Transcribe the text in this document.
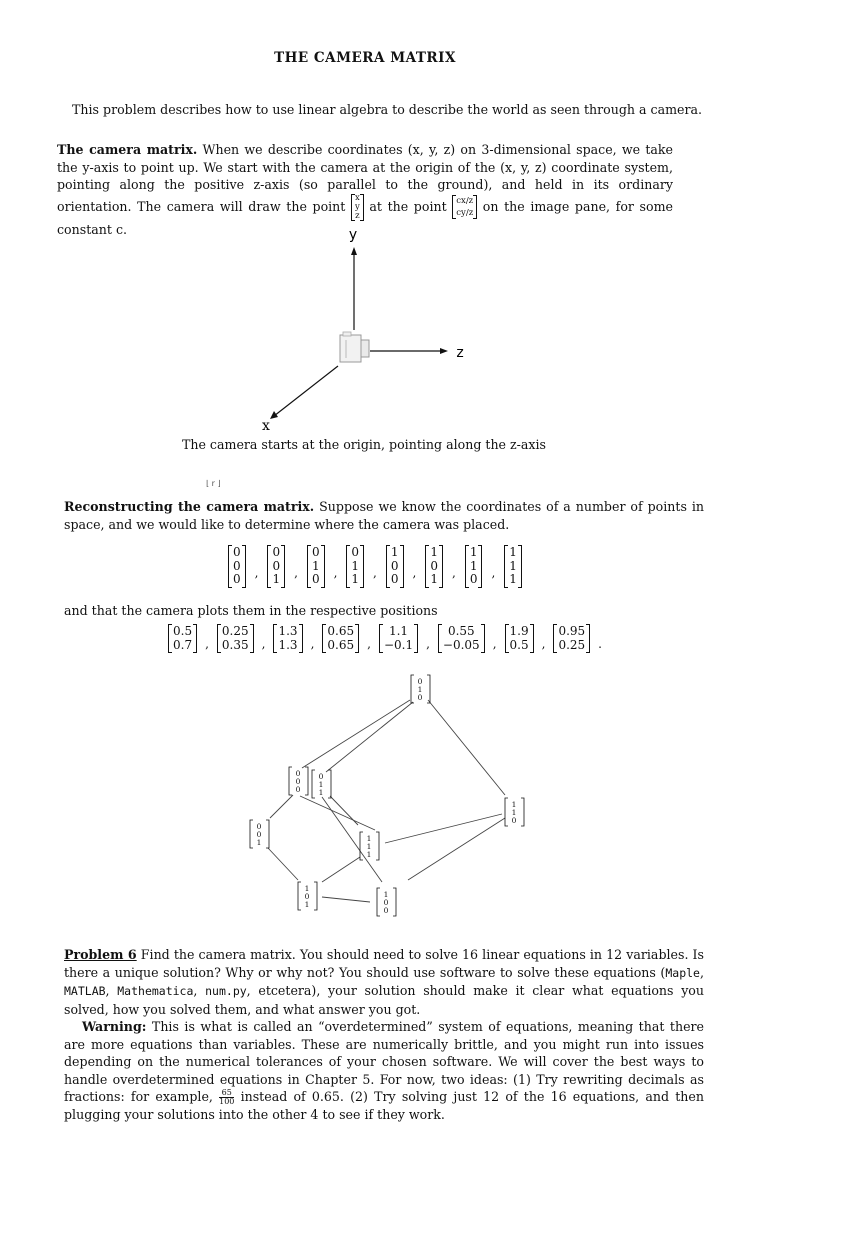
THE CAMERA MATRIX
This problem describes how to use linear algebra to describe the world as seen through a camera.
The camera matrix. When we describe coordinates (x, y, z) on 3-dimensional space, we take the y-axis to point up. We start with the camera at the origin of the (x, y, z) coordinate system, pointing along the positive z-axis (so parallel to the ground), and held in its ordinary orientation. The camera will draw the point
x
y
z
at the point cx/z
cy/z on the image pane, for some constant c.	y
z
x
The camera starts at the origin, pointing along the z-axis
⌊ r ⌋
Reconstructing the camera matrix. Suppose we know the coordinates of a number of points in space, and we would like to determine where the camera was placed.
0
0
0 ,
0
0
1 ,
0
1
0 ,
0
1
1 ,
1
0
0 ,
1
0
1 ,
1
1
0 ,
1
1
1
and that the camera plots them in the respective positions
0.5
0.7 ,
0.25
0.35 ,
1.3
1.3 ,
0.65
0.65 ,
1.1
−0.1 ,
0.55
−0.05 ,
1.9
0.5 ,
0.95
0.25 .
0
1
0
0
0
0
0
1
1
1
1
0
0
0
1	1
1
1
1
0
1
1
0
0
Problem 6 Find the camera matrix. You should need to solve 16 linear equations in 12 variables. Is there a unique solution? Why or why not? You should use software to solve these equations (Maple, MATLAB, Mathematica, num.py, etcetera), your solution should make it clear what equations you solved, how you solved them, and what answer you got.
Warning: This is what is called an “overdetermined” system of equations, meaning that there are more equations than variables. These are numerically brittle, and you might run into issues depending on the numerical tolerances of your chosen software. We will cover the best ways to handle overdetermined equations in Chapter 5. For now, two ideas: (1) Try rewriting decimals as fractions: for example, $\frac{65}{100}$ instead of 0.65. (2) Try solving just 12 of the 16 equations, and then plugging your solutions into the other 4 to see if they work.
